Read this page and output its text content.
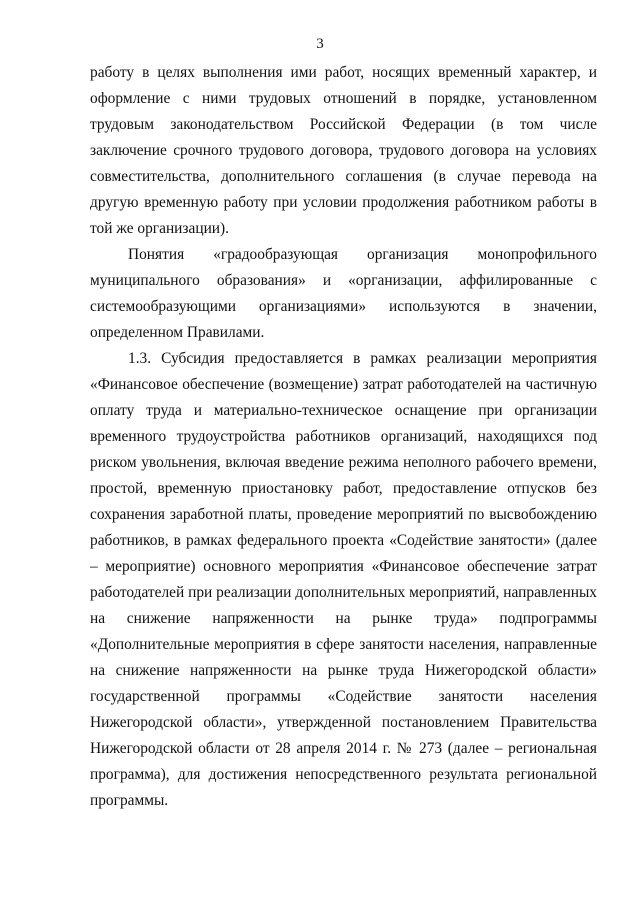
3

работу в целях выполнения ими работ, носящих временный характер, и оформление с ними трудовых отношений в порядке, установленном трудовым законодательством Российской Федерации (в том числе заключение срочного трудового договора, трудового договора на условиях совместительства, дополнительного соглашения (в случае перевода на другую временную работу при условии продолжения работником работы в той же организации).

Понятия «градообразующая организация монопрофильного муниципального образования» и «организации, аффилированные с системообразующими организациями» используются в значении, определенном Правилами.

1.3. Субсидия предоставляется в рамках реализации мероприятия «Финансовое обеспечение (возмещение) затрат работодателей на частичную оплату труда и материально-техническое оснащение при организации временного трудоустройства работников организаций, находящихся под риском увольнения, включая введение режима неполного рабочего времени, простой, временную приостановку работ, предоставление отпусков без сохранения заработной платы, проведение мероприятий по высвобождению работников, в рамках федерального проекта «Содействие занятости» (далее – мероприятие) основного мероприятия «Финансовое обеспечение затрат работодателей при реализации дополнительных мероприятий, направленных на снижение напряженности на рынке труда» подпрограммы «Дополнительные мероприятия в сфере занятости населения, направленные на снижение напряженности на рынке труда Нижегородской области» государственной программы «Содействие занятости населения Нижегородской области», утвержденной постановлением Правительства Нижегородской области от 28 апреля 2014 г. № 273 (далее – региональная программа), для достижения непосредственного результата региональной программы.
